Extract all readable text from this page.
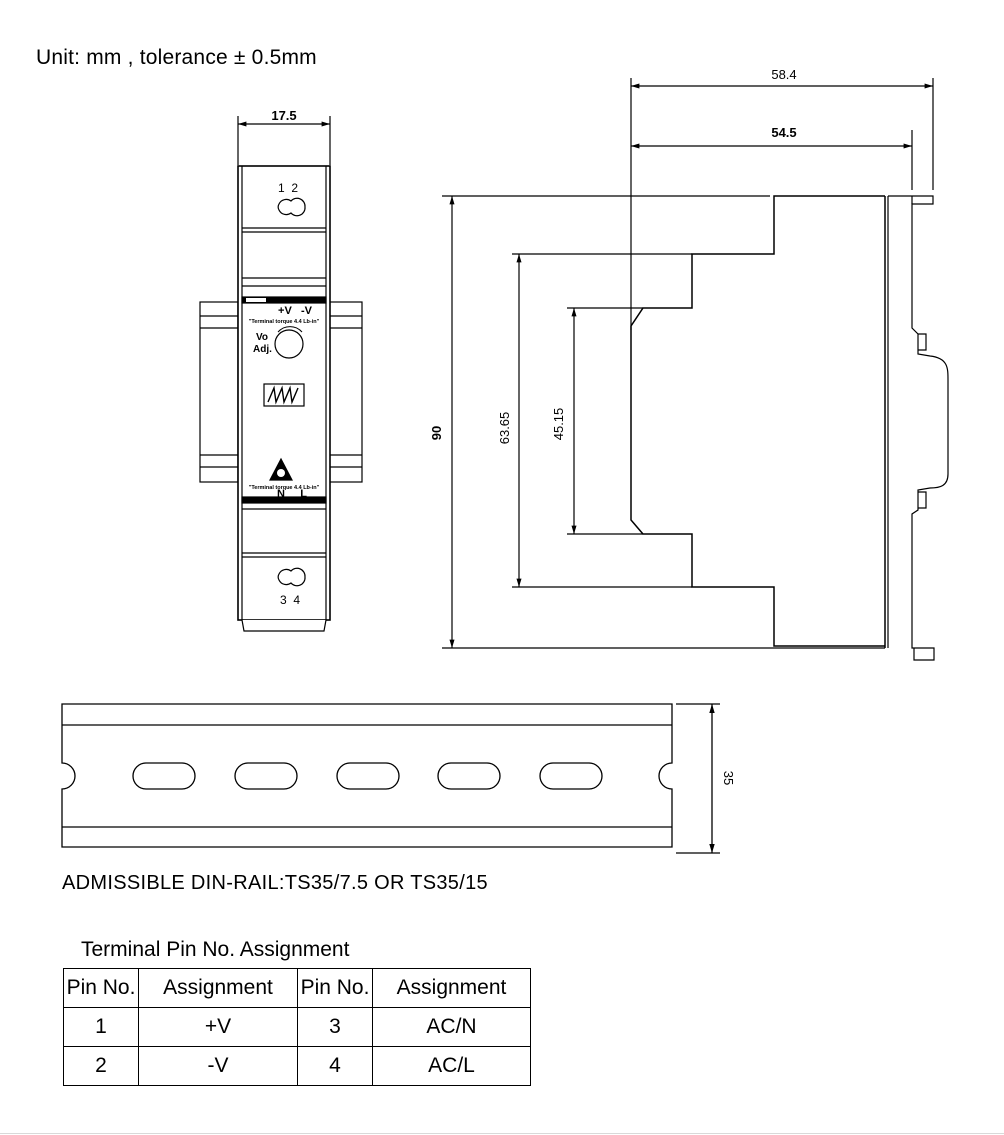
Unit: mm , tolerance ± 0.5mm
17.5
58.4
54.5
90	63.65	45.15
35
1  2
3  4
+V   -V
"Terminal torque 4.4 Lb-in"
Vo
Adj.
"Terminal torque 4.4 Lb-in"
N     L
ADMISSIBLE DIN-RAIL:TS35/7.5 OR TS35/15
Terminal Pin No. Assignment
Pin No.	Assignment	Pin No.	Assignment
1	+V	3	AC/N
2	-V	4	AC/L
